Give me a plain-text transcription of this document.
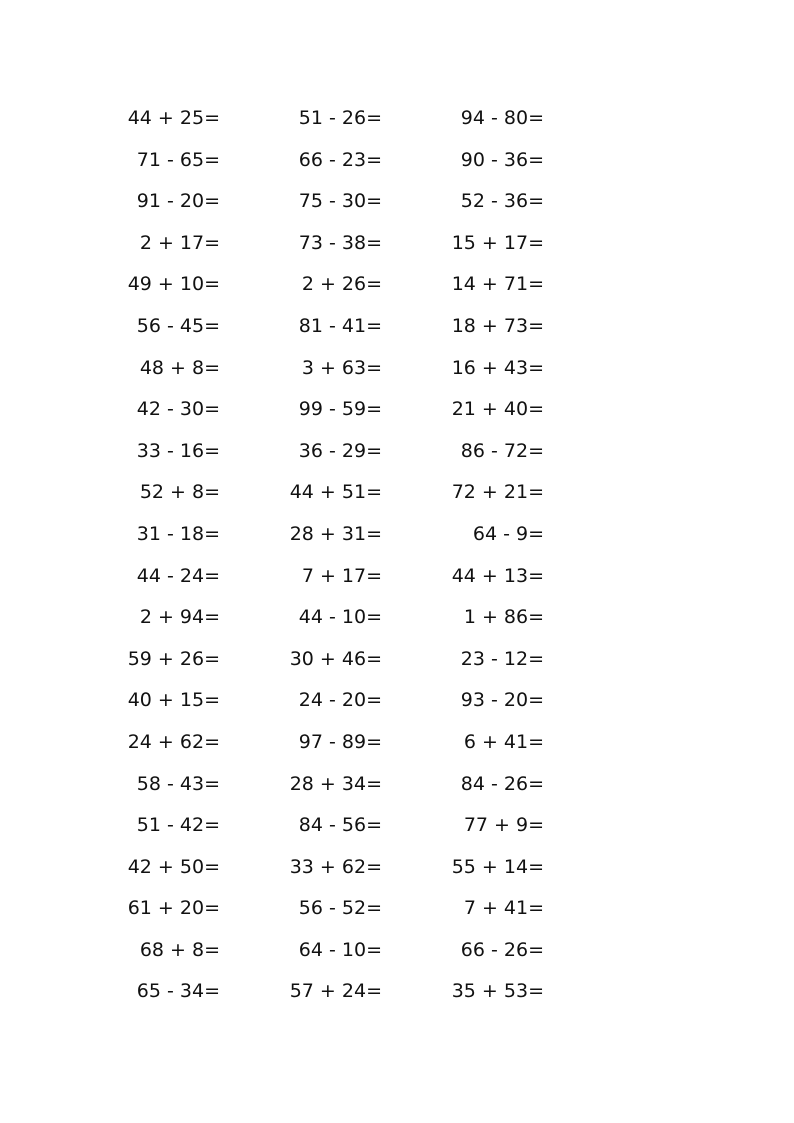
44 + 25=
71 - 65=
91 - 20=
2 + 17=
49 + 10=
56 - 45=
48 + 8=
42 - 30=
33 - 16=
52 + 8=
31 - 18=
44 - 24=
2 + 94=
59 + 26=
40 + 15=
24 + 62=
58 - 43=
51 - 42=
42 + 50=
61 + 20=
68 + 8=
65 - 34=
51 - 26=
66 - 23=
75 - 30=
73 - 38=
2 + 26=
81 - 41=
3 + 63=
99 - 59=
36 - 29=
44 + 51=
28 + 31=
7 + 17=
44 - 10=
30 + 46=
24 - 20=
97 - 89=
28 + 34=
84 - 56=
33 + 62=
56 - 52=
64 - 10=
57 + 24=
94 - 80=
90 - 36=
52 - 36=
15 + 17=
14 + 71=
18 + 73=
16 + 43=
21 + 40=
86 - 72=
72 + 21=
64 - 9=
44 + 13=
1 + 86=
23 - 12=
93 - 20=
6 + 41=
84 - 26=
77 + 9=
55 + 14=
7 + 41=
66 - 26=
35 + 53=
